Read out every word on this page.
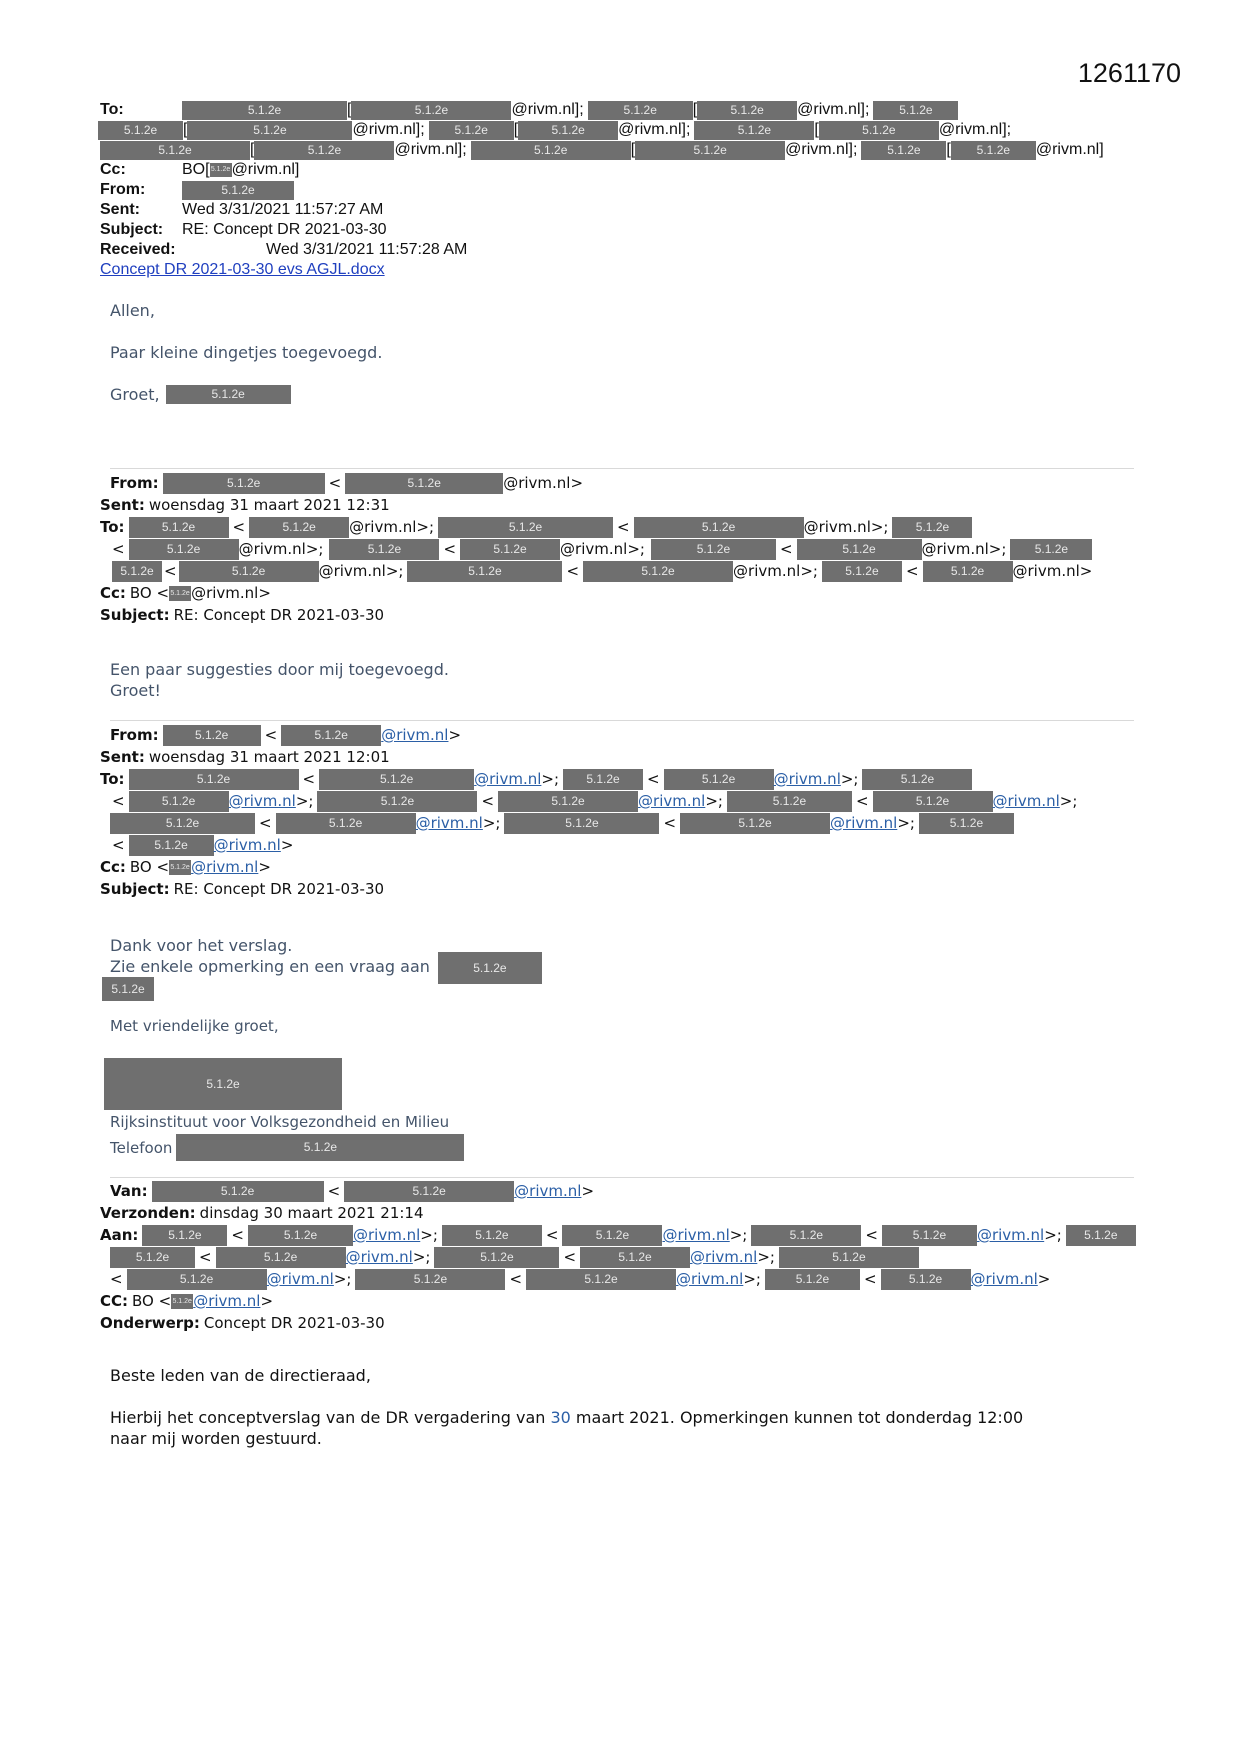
1261170
To:	5.1.2e	[	5.1.2e	@rivm.nl];	5.1.2e	[	5.1.2e	@rivm.nl];	5.1.2e
5.1.2e	[	5.1.2e	@rivm.nl];	5.1.2e	[	5.1.2e	@rivm.nl];	5.1.2e	[	5.1.2e	@rivm.nl];
5.1.2e	[	5.1.2e	@rivm.nl];	5.1.2e	[	5.1.2e	@rivm.nl];	5.1.2e	[	5.1.2e	@rivm.nl]
Cc:	BO[ 5.1.2e @rivm.nl]
From:	5.1.2e
Sent:	Wed 3/31/2021 11:57:27 AM
Subject:	RE: Concept DR 2021-03-30
Received:	Wed 3/31/2021 11:57:28 AM
Concept DR 2021-03-30 evs AGJL.docx
Allen,
Paar kleine dingetjes toegevoegd.
Groet,	5.1.2e
From:	5.1.2e	<	5.1.2e	@rivm.nl>
Sent: woensdag 31 maart 2021 12:31
To:	5.1.2e	<	5.1.2e	@rivm.nl>;	5.1.2e	<	5.1.2e	@rivm.nl>;	5.1.2e
<	5.1.2e	@rivm.nl>;	5.1.2e	<	5.1.2e	@rivm.nl>;	5.1.2e	<	5.1.2e	@rivm.nl>;	5.1.2e
5.1.2e <	5.1.2e	@rivm.nl>;	5.1.2e	<	5.1.2e	@rivm.nl>;	5.1.2e	<	5.1.2e	@rivm.nl>
Cc: BO < 5.1.2e @rivm.nl>
Subject: RE: Concept DR 2021-03-30
Een paar suggesties door mij toegevoegd.
Groet!
From:	5.1.2e	<	5.1.2e	@rivm.nl >
Sent: woensdag 31 maart 2021 12:01
To:	5.1.2e	<	5.1.2e	@rivm.nl >;	5.1.2e	<	5.1.2e	@rivm.nl >;	5.1.2e
<	5.1.2e	@rivm.nl >;	5.1.2e	<	5.1.2e	@rivm.nl >;	5.1.2e	<	5.1.2e	@rivm.nl >;
5.1.2e	<	5.1.2e	@rivm.nl >;	5.1.2e	<	5.1.2e	@rivm.nl >;	5.1.2e
<	5.1.2e	@rivm.nl >
Cc: BO < 5.1.2e @rivm.nl >
Subject: RE: Concept DR 2021-03-30
Dank voor het verslag.
Zie enkele opmerking en een vraag aan	5.1.2e
5.1.2e
Met vriendelijke groet,
5.1.2e
Rijksinstituut voor Volksgezondheid en Milieu
Telefoon	5.1.2e
Van:	5.1.2e	<	5.1.2e	@rivm.nl >
Verzonden: dinsdag 30 maart 2021 21:14
Aan:	5.1.2e	<	5.1.2e	@rivm.nl >;	5.1.2e	<	5.1.2e	@rivm.nl >;	5.1.2e	<	5.1.2e	@rivm.nl >;	5.1.2e
5.1.2e	<	5.1.2e	@rivm.nl >;	5.1.2e	<	5.1.2e	@rivm.nl >;	5.1.2e
<	5.1.2e	@rivm.nl >;	5.1.2e	<	5.1.2e	@rivm.nl >;	5.1.2e	<	5.1.2e	@rivm.nl >
CC: BO < 5.1.2e @rivm.nl >
Onderwerp: Concept DR 2021-03-30
Beste leden van de directieraad,
Hierbij het conceptverslag van de DR vergadering van 30 maart 2021. Opmerkingen kunnen tot donderdag 12:00
naar mij worden gestuurd.
